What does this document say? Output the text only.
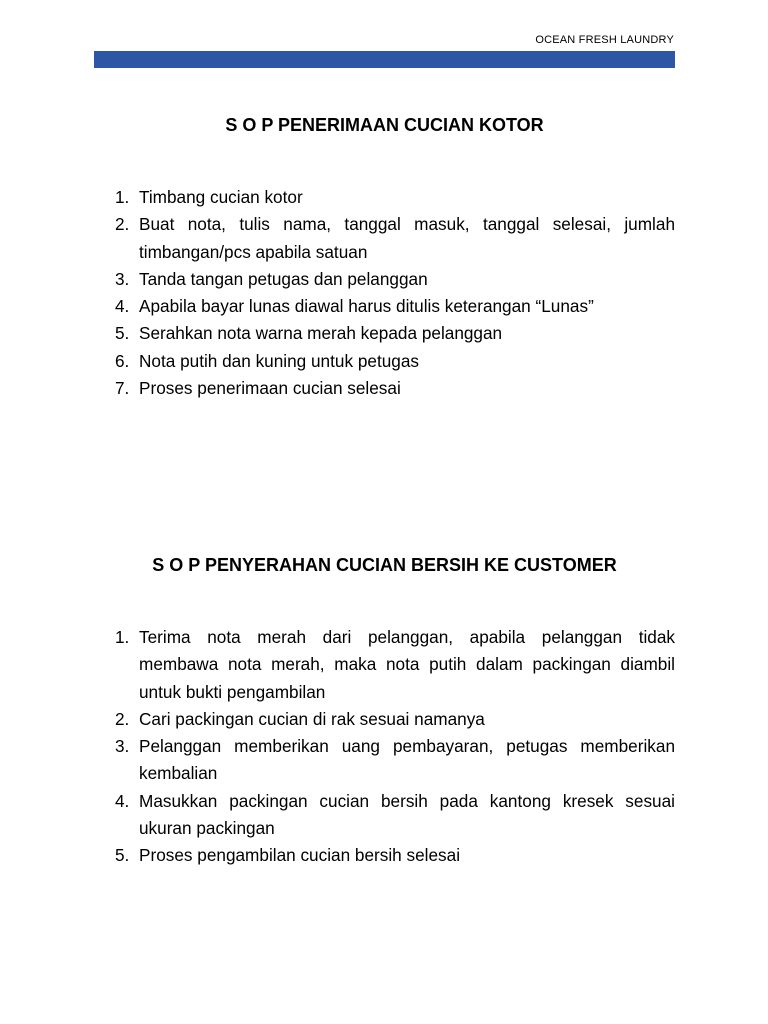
OCEAN FRESH LAUNDRY
S O P PENERIMAAN CUCIAN KOTOR
1. Timbang cucian kotor
2. Buat nota, tulis nama, tanggal masuk, tanggal selesai, jumlah timbangan/pcs apabila satuan
3. Tanda tangan petugas dan pelanggan
4. Apabila bayar lunas diawal harus ditulis keterangan “Lunas”
5. Serahkan nota warna merah kepada pelanggan
6. Nota putih dan kuning untuk petugas
7. Proses penerimaan cucian selesai
S O P PENYERAHAN CUCIAN BERSIH KE CUSTOMER
1. Terima nota merah dari pelanggan, apabila pelanggan tidak membawa nota merah, maka nota putih dalam packingan diambil untuk bukti pengambilan
2. Cari packingan cucian di rak sesuai namanya
3. Pelanggan memberikan uang pembayaran, petugas memberikan kembalian
4. Masukkan packingan cucian bersih pada kantong kresek sesuai ukuran packingan
5. Proses pengambilan cucian bersih selesai
